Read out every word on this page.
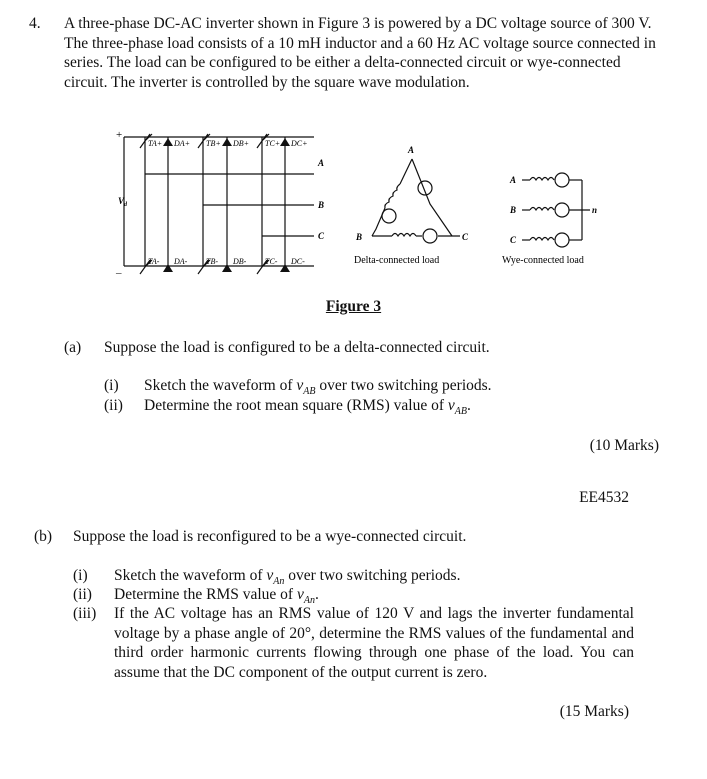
4. A three-phase DC-AC inverter shown in Figure 3 is powered by a DC voltage source of 300 V. The three-phase load consists of a 10 mH inductor and a 60 Hz AC voltage source connected in series. The load can be configured to be either a delta-connected circuit or wye-connected circuit. The inverter is controlled by the square wave modulation.
+
_
$V_d$
TA+ DA+ TB+ DB+ TC+ DC+
TA- DA- TB- DB- TC- DC-
A
B
C
A
B	C
Delta-connected load
A
B
C
n
Wye-connected load
Figure 3
(a) Suppose the load is configured to be a delta-connected circuit.
(i) Sketch the waveform of $v_{AB}$ over two switching periods.
(ii) Determine the root mean square (RMS) value of $v_{AB}$.
(10 Marks)
EE4532
(b) Suppose the load is reconfigured to be a wye-connected circuit.
(i) Sketch the waveform of $v_{An}$ over two switching periods.
(ii) Determine the RMS value of $v_{An}$.
(iii) If the AC voltage has an RMS value of 120 V and lags the inverter fundamental voltage by a phase angle of 20°, determine the RMS values of the fundamental and third order harmonic currents flowing through one phase of the load. You can assume that the DC component of the output current is zero.
(15 Marks)
